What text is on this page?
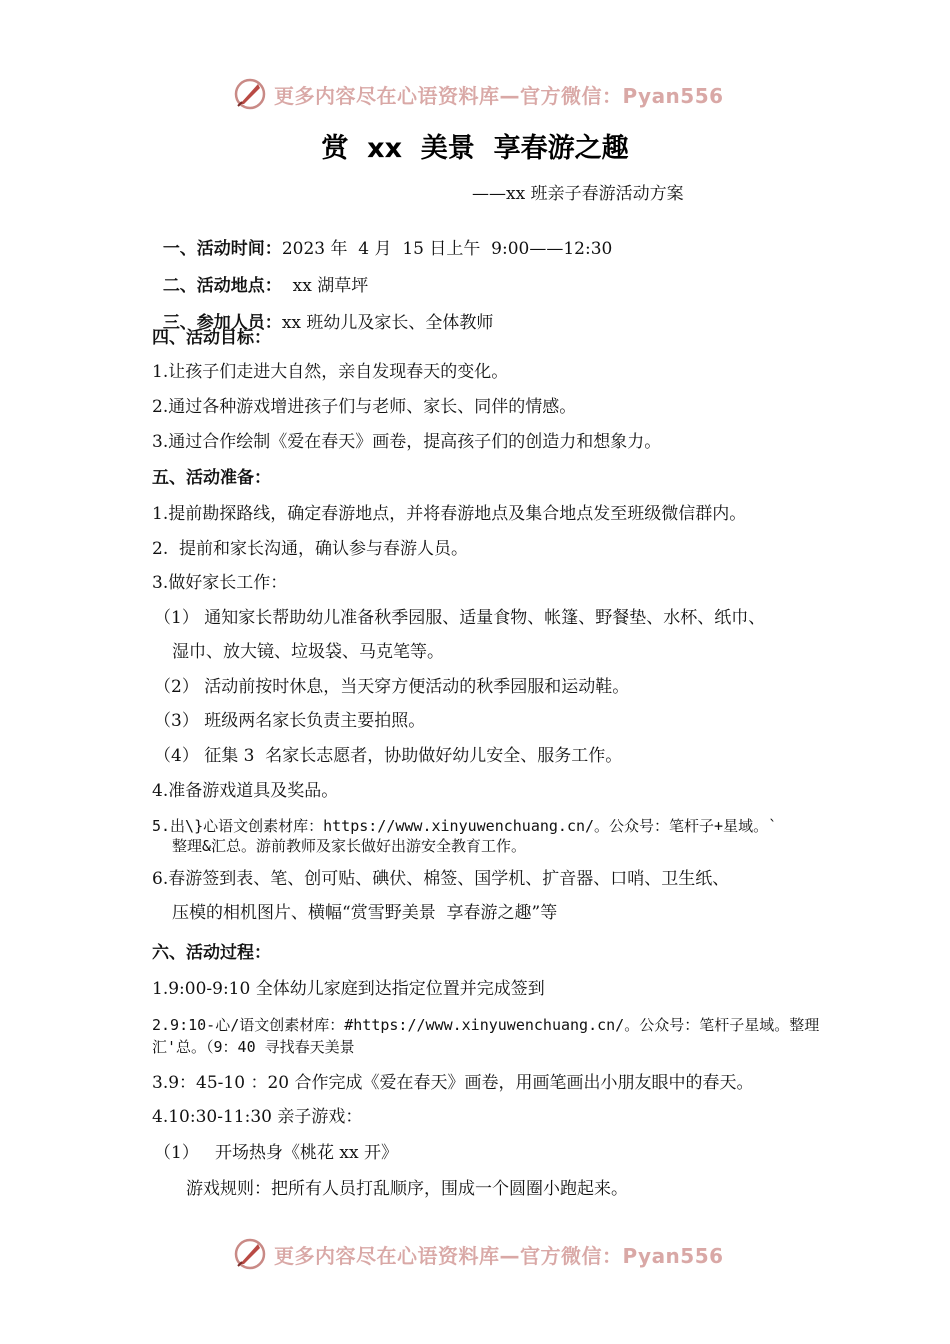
更多内容尽在心语资料库—官方微信：Pyan556
赏  xx  美景  享春游之趣
——xx 班亲子春游活动方案

一、活动时间：2023 年  4 月  15 日上午  9:00——12:30

二、活动地点：  xx 湖草坪

三、参加人员：xx 班幼儿及家长、全体教师

四、活动目标：
1.让孩子们走进大自然，亲自发现春天的变化。
2.通过各种游戏增进孩子们与老师、家长、同伴的情感。
3.通过合作绘制《爱在春天》画卷，提高孩子们的创造力和想象力。
五、活动准备：
1.提前勘探路线，确定春游地点，并将春游地点及集合地点发至班级微信群内。
2.  提前和家长沟通，确认参与春游人员。
3.做好家长工作：
（1） 通知家长帮助幼儿准备秋季园服、适量食物、帐篷、野餐垫、水杯、纸巾、
湿巾、放大镜、垃圾袋、马克笔等。
（2） 活动前按时休息，当天穿方便活动的秋季园服和运动鞋。
（3） 班级两名家长负责主要拍照。
（4） 征集 3  名家长志愿者，协助做好幼儿安全、服务工作。
4.准备游戏道具及奖品。
5.出\}心语文创素材库：https://www.xinyuwenchuang.cn/。公众号：笔杆子+星域。`
整理&汇总。游前教师及家长做好出游安全教育工作。
6.春游签到表、笔、创可贴、碘伏、棉签、国学机、扩音器、口哨、卫生纸、
压模的相机图片、横幅“赏雪野美景  享春游之趣”等
六、活动过程：
1.9:00-9:10 全体幼儿家庭到达指定位置并完成签到
2.9:10-心/语文创素材库：#https://www.xinyuwenchuang.cn/。公众号：笔杆子星域。整理汇'总。（9：40 寻找春天美景
3.9：45-10 ：20 合作完成《爱在春天》画卷，用画笔画出小朋友眼中的春天。
4.10:30-11:30 亲子游戏：
（1）   开场热身《桃花 xx 开》
游戏规则：把所有人员打乱顺序，围成一个圆圈小跑起来。
更多内容尽在心语资料库—官方微信：Pyan556
